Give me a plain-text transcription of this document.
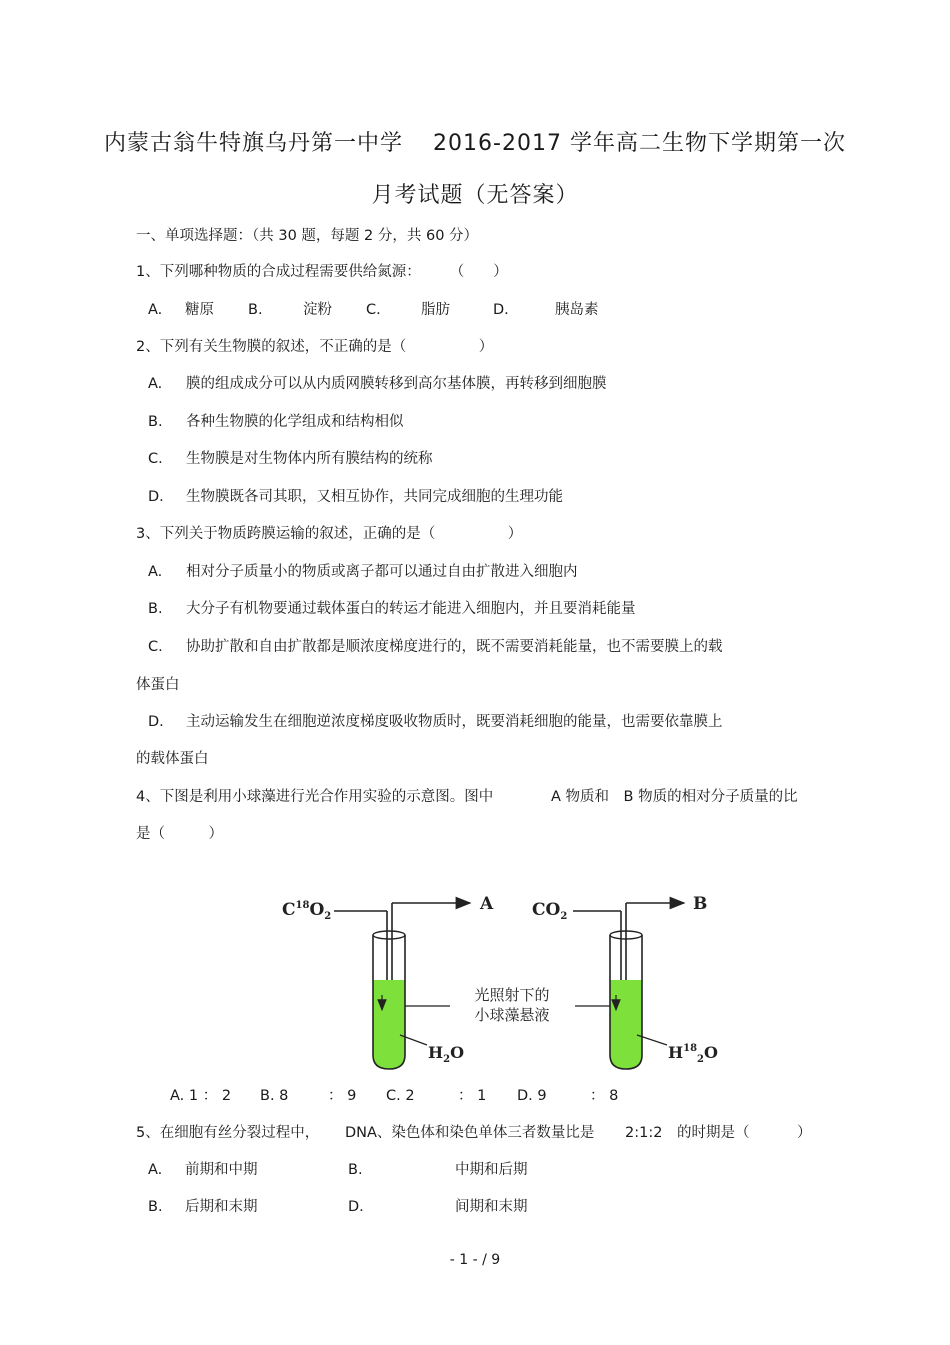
内蒙古翁牛特旗乌丹第一中学 2016-2017 学年高二生物下学期第一次
月考试题（无答案）
一、单项选择题：（共 30 题，每题 2 分，共 60 分）
1、下列哪种物质的合成过程需要供给氮源：　　　（　　）
A. 糖原 B.	淀粉 C.	脂肪	D.	胰岛素
2、下列有关生物膜的叙述，不正确的是（　　　　　）
A. 膜的组成成分可以从内质网膜转移到高尔基体膜，再转移到细胞膜
B. 各种生物膜的化学组成和结构相似
C. 生物膜是对生物体内所有膜结构的统称
D. 生物膜既各司其职，又相互协作，共同完成细胞的生理功能
3、下列关于物质跨膜运输的叙述，正确的是（　　　　　）
A. 相对分子质量小的物质或离子都可以通过自由扩散进入细胞内
B. 大分子有机物要通过载体蛋白的转运才能进入细胞内，并且要消耗能量
C. 协助扩散和自由扩散都是顺浓度梯度进行的，既不需要消耗能量，也不需要膜上的载
体蛋白
D. 主动运输发生在细胞逆浓度梯度吸收物质时，既要消耗细胞的能量，也需要依靠膜上
的载体蛋白
4、下图是利用小球藻进行光合作用实验的示意图。图中	A 物质和　B 物质的相对分子质量的比
是（　　　）
$C^{18}O_2$
A
$H_2O$
光照射下的
小球藻悬液
$CO_2$
B
$H^{18}_2O$
A. 1 ： 2 B. 8	： 9 C. 2	： 1 D. 9	： 8
5、在细胞有丝分裂过程中， DNA、染色体和染色单体三者数量比是 2:1:2　的时期是（	）
A. 前期和中期	B.	中期和后期
B. 后期和末期	D.	间期和末期
- 1 - / 9
